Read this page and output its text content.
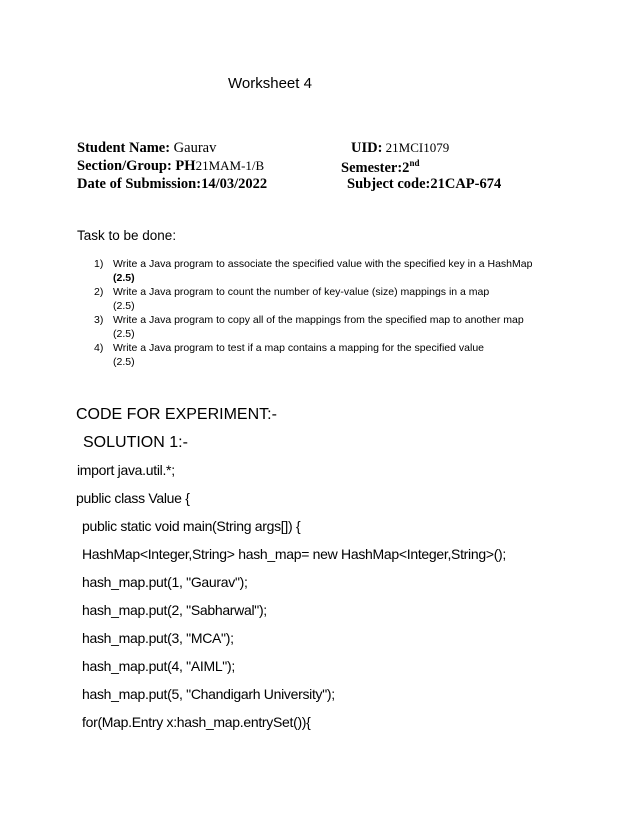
Worksheet 4
Student Name: Gaurav	UID: 21MCI1079
Section/Group: PH21MAM-1/B	Semester:2nd
Date of Submission:14/03/2022	Subject code:21CAP-674
Task to be done:
1) Write a Java program to associate the specified value with the specified key in a HashMap
(2.5)
2) Write a Java program to count the number of key-value (size) mappings in a map
(2.5)
3) Write a Java program to copy all of the mappings from the specified map to another map
(2.5)
4) Write a Java program to test if a map contains a mapping for the specified value
(2.5)
CODE FOR EXPERIMENT:-
SOLUTION 1:-
import java.util.*;
public class Value {
public static void main(String args[]) {
HashMap<Integer,String> hash_map= new HashMap<Integer,String>();
hash_map.put(1, "Gaurav");
hash_map.put(2, "Sabharwal");
hash_map.put(3, "MCA");
hash_map.put(4, "AIML");
hash_map.put(5, "Chandigarh University");
for(Map.Entry x:hash_map.entrySet()){
